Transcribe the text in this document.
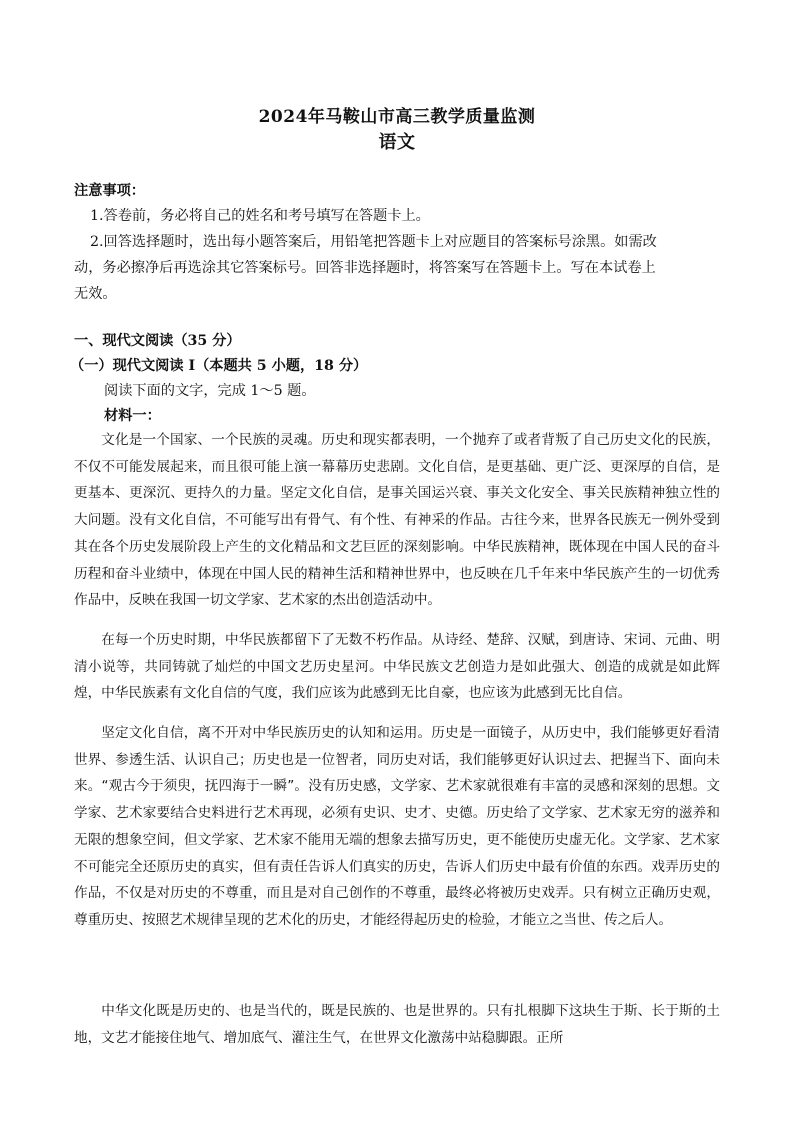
2024年马鞍山市高三教学质量监测
语文
注意事项：
1.答卷前，务必将自己的姓名和考号填写在答题卡上。
2.回答选择题时，选出每小题答案后，用铅笔把答题卡上对应题目的答案标号涂黑。如需改
动，务必擦净后再选涂其它答案标号。回答非选择题时，将答案写在答题卡上。写在本试卷上
无效。
一、现代文阅读（35 分）
（一）现代文阅读 I（本题共 5 小题，18 分）
阅读下面的文字，完成 1～5 题。
材料一：
文化是一个国家、一个民族的灵魂。历史和现实都表明，一个抛弃了或者背叛了自己历史文化的民族，不仅不可能发展起来，而且很可能上演一幕幕历史悲剧。文化自信，是更基础、更广泛、更深厚的自信，是更基本、更深沉、更持久的力量。坚定文化自信，是事关国运兴衰、事关文化安全、事关民族精神独立性的大问题。没有文化自信，不可能写出有骨气、有个性、有神采的作品。古往今来，世界各民族无一例外受到其在各个历史发展阶段上产生的文化精品和文艺巨匠的深刻影响。中华民族精神，既体现在中国人民的奋斗历程和奋斗业绩中，体现在中国人民的精神生活和精神世界中，也反映在几千年来中华民族产生的一切优秀作品中，反映在我国一切文学家、艺术家的杰出创造活动中。
在每一个历史时期，中华民族都留下了无数不朽作品。从诗经、楚辞、汉赋，到唐诗、宋词、元曲、明清小说等，共同铸就了灿烂的中国文艺历史星河。中华民族文艺创造力是如此强大、创造的成就是如此辉煌，中华民族素有文化自信的气度，我们应该为此感到无比自豪，也应该为此感到无比自信。
坚定文化自信，离不开对中华民族历史的认知和运用。历史是一面镜子，从历史中，我们能够更好看清世界、参透生活、认识自己；历史也是一位智者，同历史对话，我们能够更好认识过去、把握当下、面向未来。“观古今于须臾，抚四海于一瞬”。没有历史感，文学家、艺术家就很难有丰富的灵感和深刻的思想。文学家、艺术家要结合史料进行艺术再现，必须有史识、史才、史德。历史给了文学家、艺术家无穷的滋养和无限的想象空间，但文学家、艺术家不能用无端的想象去描写历史，更不能使历史虚无化。文学家、艺术家不可能完全还原历史的真实，但有责任告诉人们真实的历史，告诉人们历史中最有价值的东西。戏弄历史的作品，不仅是对历史的不尊重，而且是对自己创作的不尊重，最终必将被历史戏弄。只有树立正确历史观，尊重历史、按照艺术规律呈现的艺术化的历史，才能经得起历史的检验，才能立之当世、传之后人。
中华文化既是历史的、也是当代的，既是民族的、也是世界的。只有扎根脚下这块生于斯、长于斯的土地，文艺才能接住地气、增加底气、灌注生气，在世界文化激荡中站稳脚跟。正所
